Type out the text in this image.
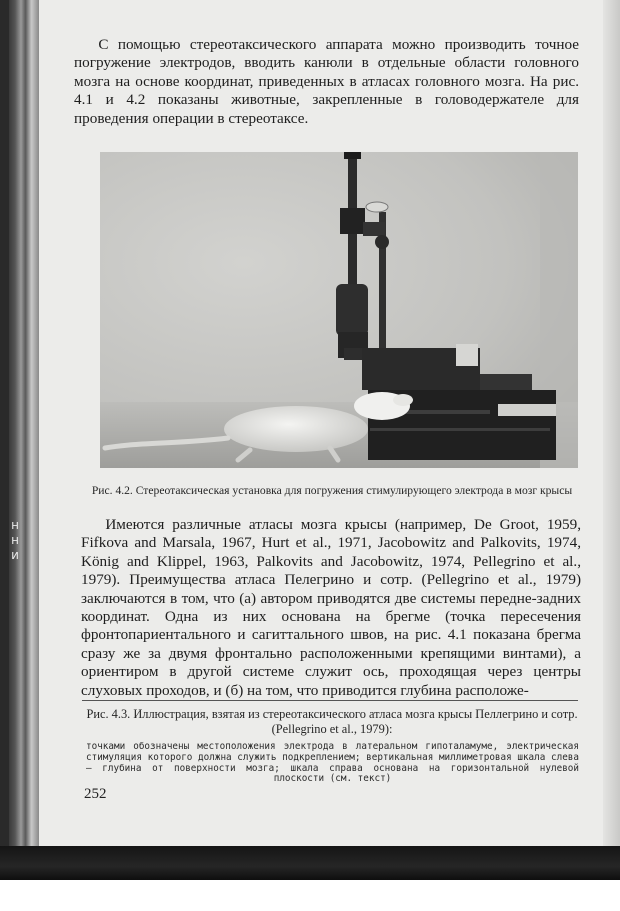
н
н
и

С помощью стереотаксического аппарата можно производить точное погружение электродов, вводить канюли в отдельные области головного мозга на основе координат, приведенных в атласах головного мозга. На рис. 4.1 и 4.2 показаны животные, закрепленные в головодержателе для проведения операции в стереотаксе.

Рис. 4.2. Стереотаксическая установка для погружения стимулирующего электрода в мозг крысы

Имеются различные атласы мозга крысы (например, De Groot, 1959, Fifkova and Marsala, 1967, Hurt et al., 1971, Jacobowitz and Palkovits, 1974, König and Klippel, 1963, Palkovits and Jacobowitz, 1974, Pellegrino et al., 1979). Преимущества атласа Пелегрино и сотр. (Pellegrino et al., 1979) заключаются в том, что (а) автором приводятся две системы передне-задних координат. Одна из них основана на брегме (точка пересечения фронтопариентального и сагиттального швов, на рис. 4.1 показана брегма сразу же за двумя фронтально расположенными крепящими винтами), а ориентиром в другой системе служит ось, проходящая через центры слуховых проходов, и (б) на том, что приводится глубина расположе-

Рис. 4.3. Иллюстрация, взятая из стереотаксического атласа мозга крысы Пеллегрино и сотр. (Pellegrino et al., 1979):

точками обозначены местоположения электрода в латеральном гипоталамуме, электрическая стимуляция которого должна служить подкреплением; вертикальная миллиметровая шкала слева — глубина от поверхности мозга; шкала справа основана на горизонтальной нулевой плоскости (см. текст)

252
